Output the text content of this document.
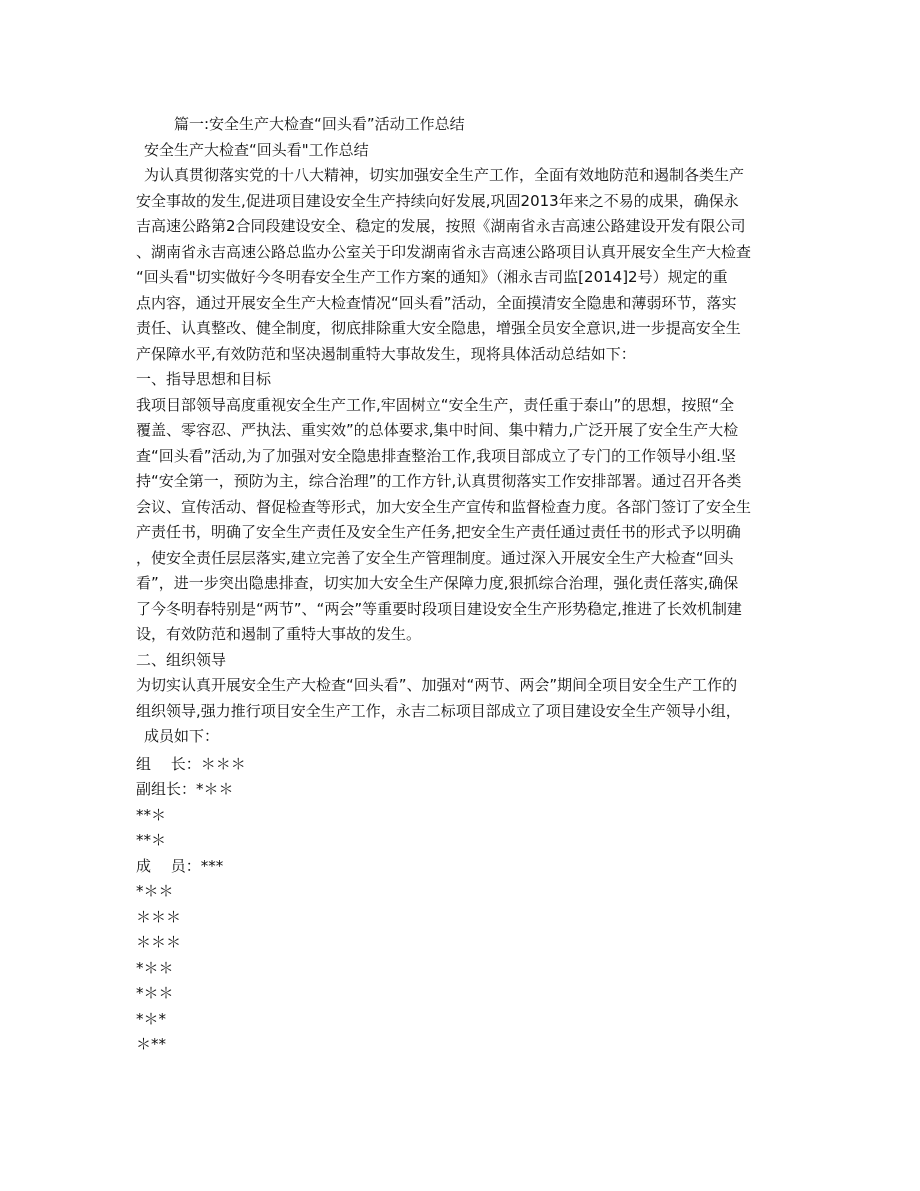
篇一:安全生产大检查“回头看”活动工作总结

安全生产大检查“回头看"工作总结

为认真贯彻落实党的十八大精神，切实加强安全生产工作，全面有效地防范和遏制各类生产

安全事故的发生,促进项目建设安全生产持续向好发展,巩固2013年来之不易的成果，确保永

吉高速公路第2合同段建设安全、稳定的发展，按照《湖南省永吉高速公路建设开发有限公司

、湖南省永吉高速公路总监办公室关于印发湖南省永吉高速公路项目认真开展安全生产大检查

“回头看"切实做好今冬明春安全生产工作方案的通知》（湘永吉司监[2014]2号）规定的重

点内容，通过开展安全生产大检查情况“回头看”活动，全面摸清安全隐患和薄弱环节，落实

责任、认真整改、健全制度，彻底排除重大安全隐患，增强全员安全意识,进一步提高安全生

产保障水平,有效防范和坚决遏制重特大事故发生，现将具体活动总结如下：

一、指导思想和目标

我项目部领导高度重视安全生产工作,牢固树立“安全生产，责任重于泰山”的思想，按照“全

覆盖、零容忍、严执法、重实效”的总体要求,集中时间、集中精力,广泛开展了安全生产大检

查“回头看”活动,为了加强对安全隐患排查整治工作,我项目部成立了专门的工作领导小组.坚

持“安全第一，预防为主，综合治理”的工作方针,认真贯彻落实工作安排部署。通过召开各类

会议、宣传活动、督促检查等形式，加大安全生产宣传和监督检查力度。各部门签订了安全生

产责任书，明确了安全生产责任及安全生产任务,把安全生产责任通过责任书的形式予以明确

，使安全责任层层落实,建立完善了安全生产管理制度。通过深入开展安全生产大检查“回头

看”，进一步突出隐患排查，切实加大安全生产保障力度,狠抓综合治理，强化责任落实,确保

了今冬明春特别是“两节”、“两会”等重要时段项目建设安全生产形势稳定,推进了长效机制建

设，有效防范和遏制了重特大事故的发生。

二、组织领导

为切实认真开展安全生产大检查“回头看”、加强对“两节、两会”期间全项目安全生产工作的

组织领导,强力推行项目安全生产工作，永吉二标项目部成立了项目建设安全生产领导小组，

成员如下：

组　 长：＊＊＊

副组长：*＊＊

**＊

**＊

成　 员：***

*＊＊

＊＊＊

＊＊＊

*＊＊

*＊＊

*＊*

＊**
